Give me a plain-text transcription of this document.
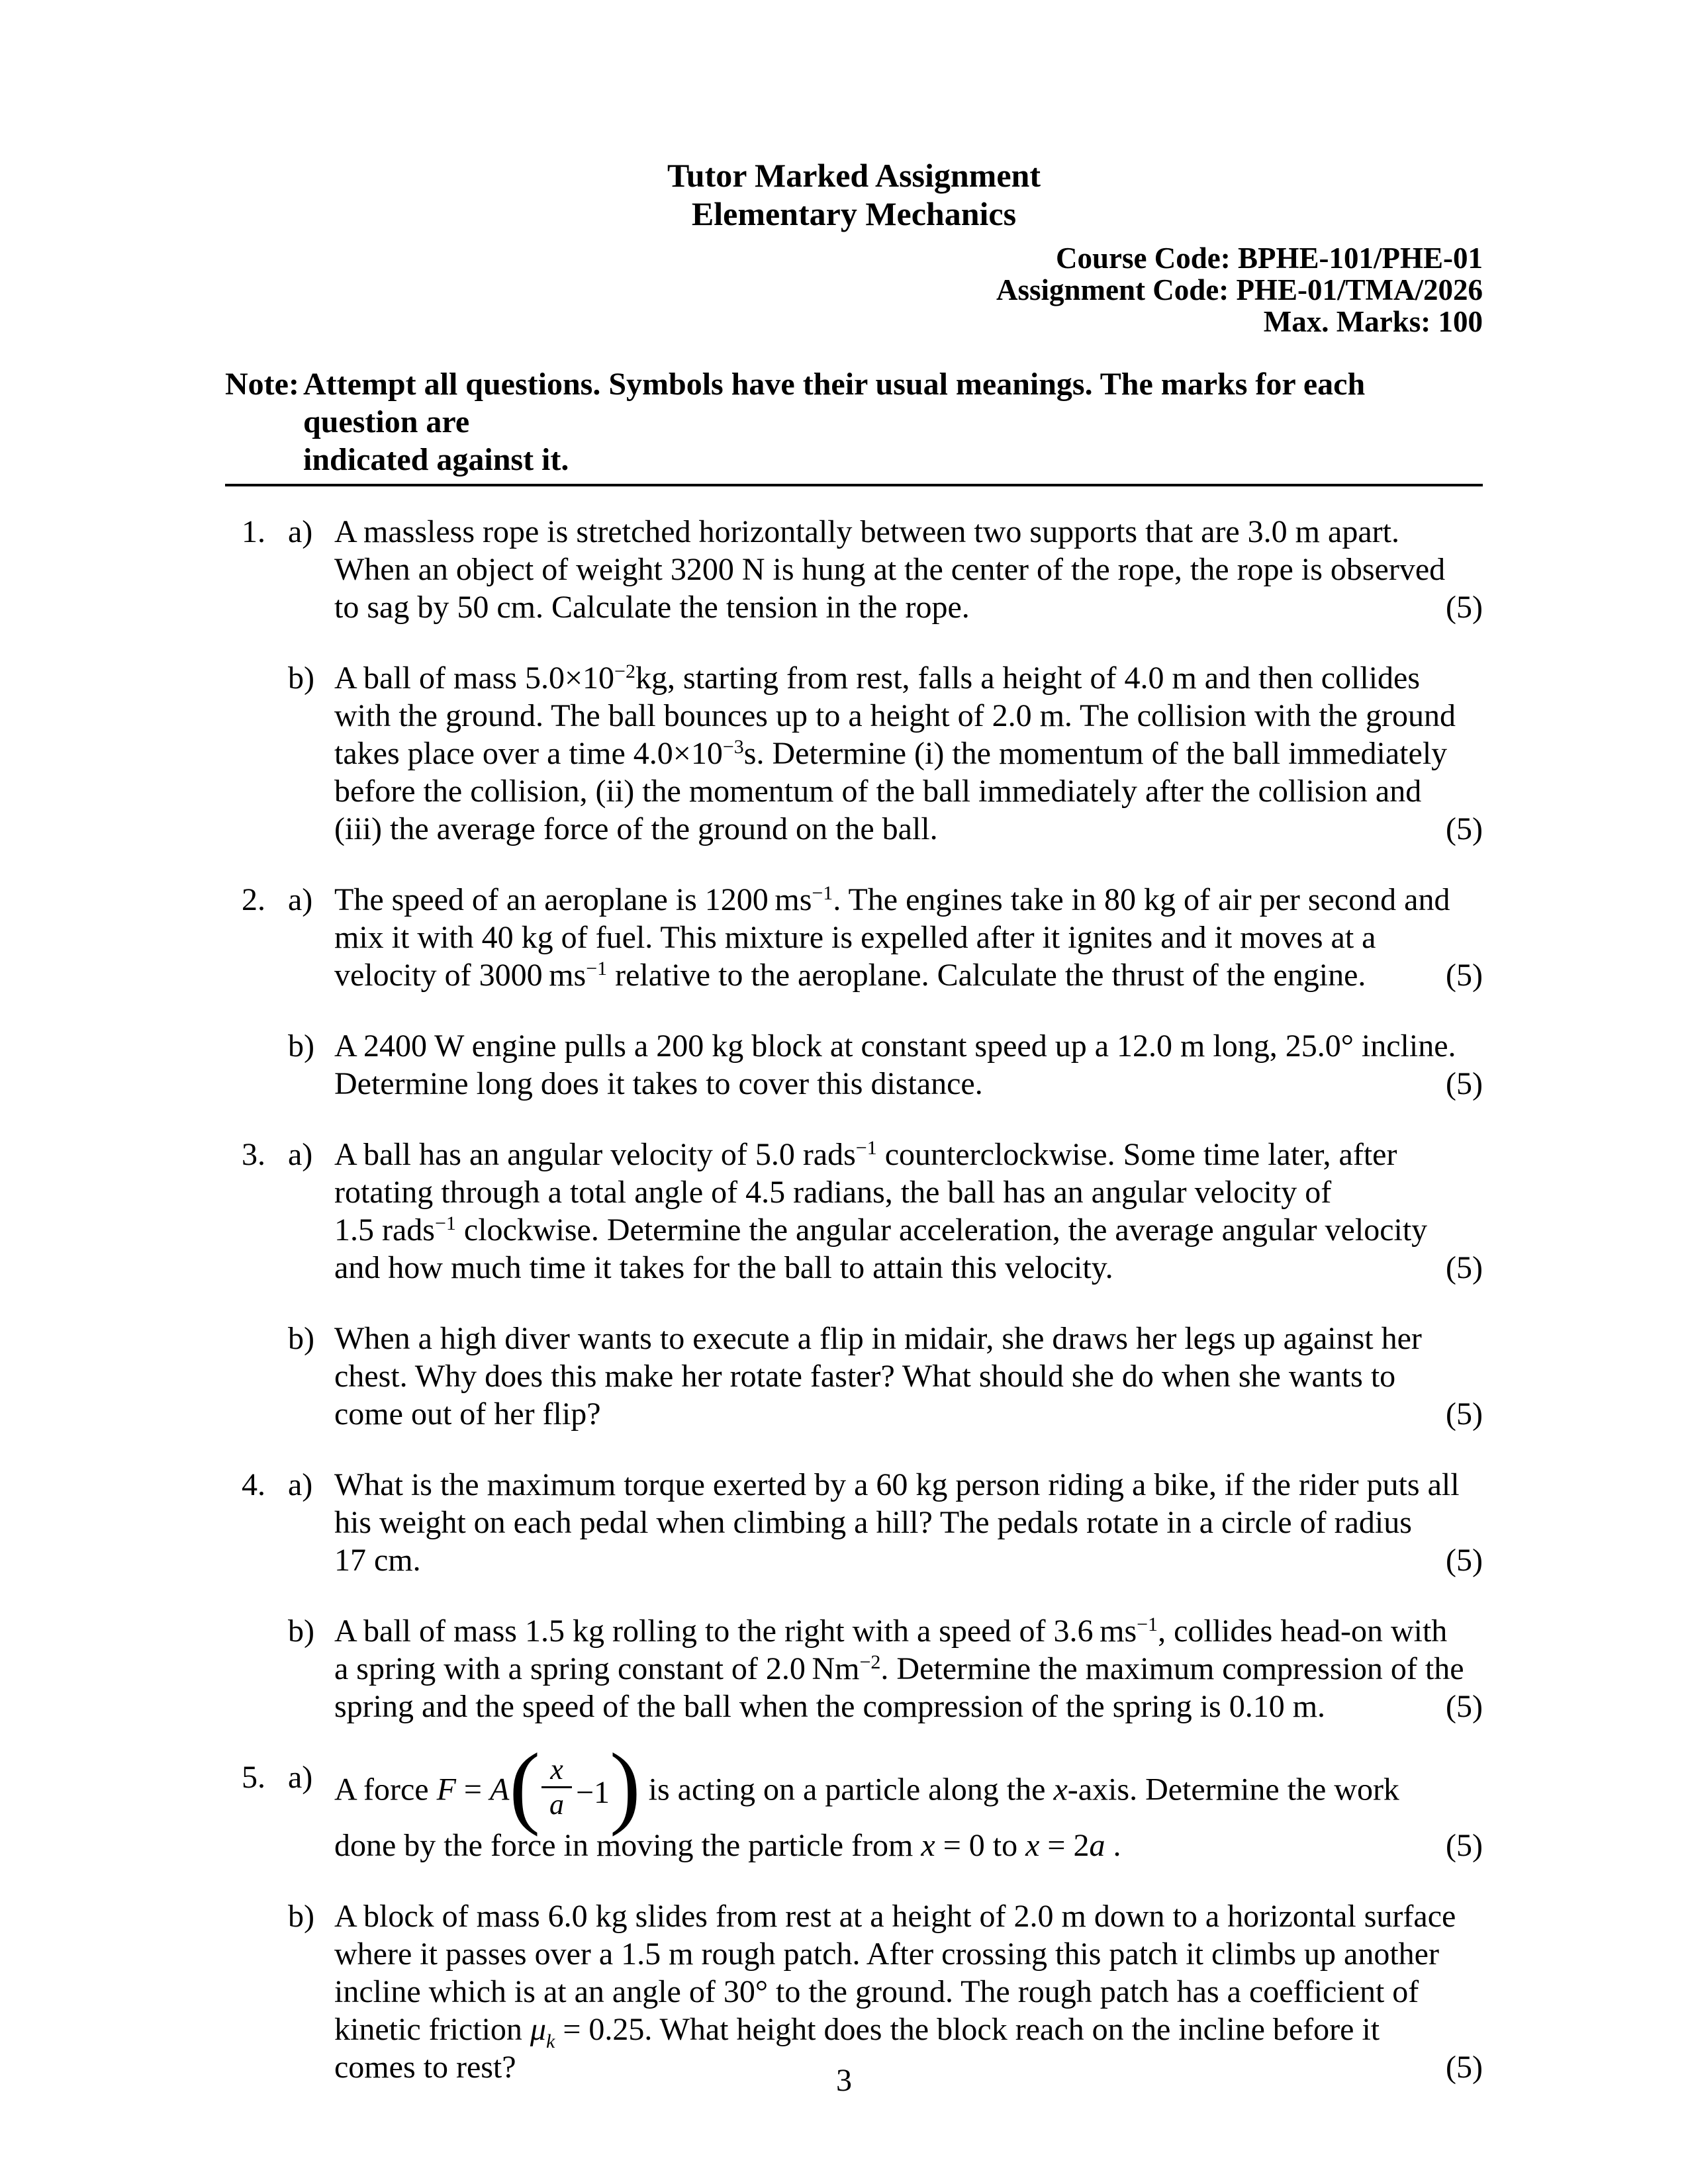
Tutor Marked Assignment
Elementary Mechanics
Course Code: BPHE-101/PHE-01
Assignment Code: PHE-01/TMA/2026
Max. Marks: 100
Note: Attempt all questions. Symbols have their usual meanings. The marks for each question are
indicated against it.
1. a)
(5)
A massless rope is stretched horizontally between two supports that are 3.0 m apart.
When an object of weight 3200 N is hung at the center of the rope, the rope is observed
to sag by 50 cm. Calculate the tension in the rope.
b)
(5)
A ball of mass $5.0\times 10^{-2}kg$, starting from rest, falls a height of 4.0 m and then collides
with the ground. The ball bounces up to a height of 2.0 m. The collision with the ground
takes place over a time $4.0\times 10^{-3}s$. Determine (i) the momentum of the ball immediately
before the collision, (ii) the momentum of the ball immediately after the collision and
(iii) the average force of the ground on the ball.
2. a)
(5)
The speed of an aeroplane is 1200 $ms^{-1}$. The engines take in 80 kg of air per second and
mix it with 40 kg of fuel. This mixture is expelled after it ignites and it moves at a
velocity of 3000 $ms^{-1}$ relative to the aeroplane. Calculate the thrust of the engine.
b)
(5)
A 2400 W engine pulls a 200 kg block at constant speed up a 12.0 m long, 25.0° incline.
Determine long does it takes to cover this distance.
3. a)
(5)
A ball has an angular velocity of 5.0 rads$^{-1}$ counterclockwise. Some time later, after
rotating through a total angle of 4.5 radians, the ball has an angular velocity of
1.5 rads$^{-1}$ clockwise. Determine the angular acceleration, the average angular velocity
and how much time it takes for the ball to attain this velocity.
b)
(5)
When a high diver wants to execute a flip in midair, she draws her legs up against her
chest. Why does this make her rotate faster? What should she do when she wants to
come out of her flip?
4. a)
(5)
What is the maximum torque exerted by a 60 kg person riding a bike, if the rider puts all
his weight on each pedal when climbing a hill? The pedals rotate in a circle of radius
17 cm.
b)
(5)
A ball of mass 1.5 kg rolling to the right with a speed of 3.6 $ms^{-1}$, collides head-on with
a spring with a spring constant of 2.0 $Nm^{-2}$. Determine the maximum compression of the
spring and the speed of the ball when the compression of the spring is 0.10 m.
5. a)
(5)
A force $F = A( \frac{x}{a} -1)$ is acting on a particle along the x-axis. Determine the work
done by the force in moving the particle from x = 0 to x = 2a .
b)
(5)
A block of mass 6.0 kg slides from rest at a height of 2.0 m down to a horizontal surface
where it passes over a 1.5 m rough patch. After crossing this patch it climbs up another
incline which is at an angle of 30° to the ground. The rough patch has a coefficient of
kinetic friction $\mu_k = 0.25$. What height does the block reach on the incline before it
comes to rest?	3
